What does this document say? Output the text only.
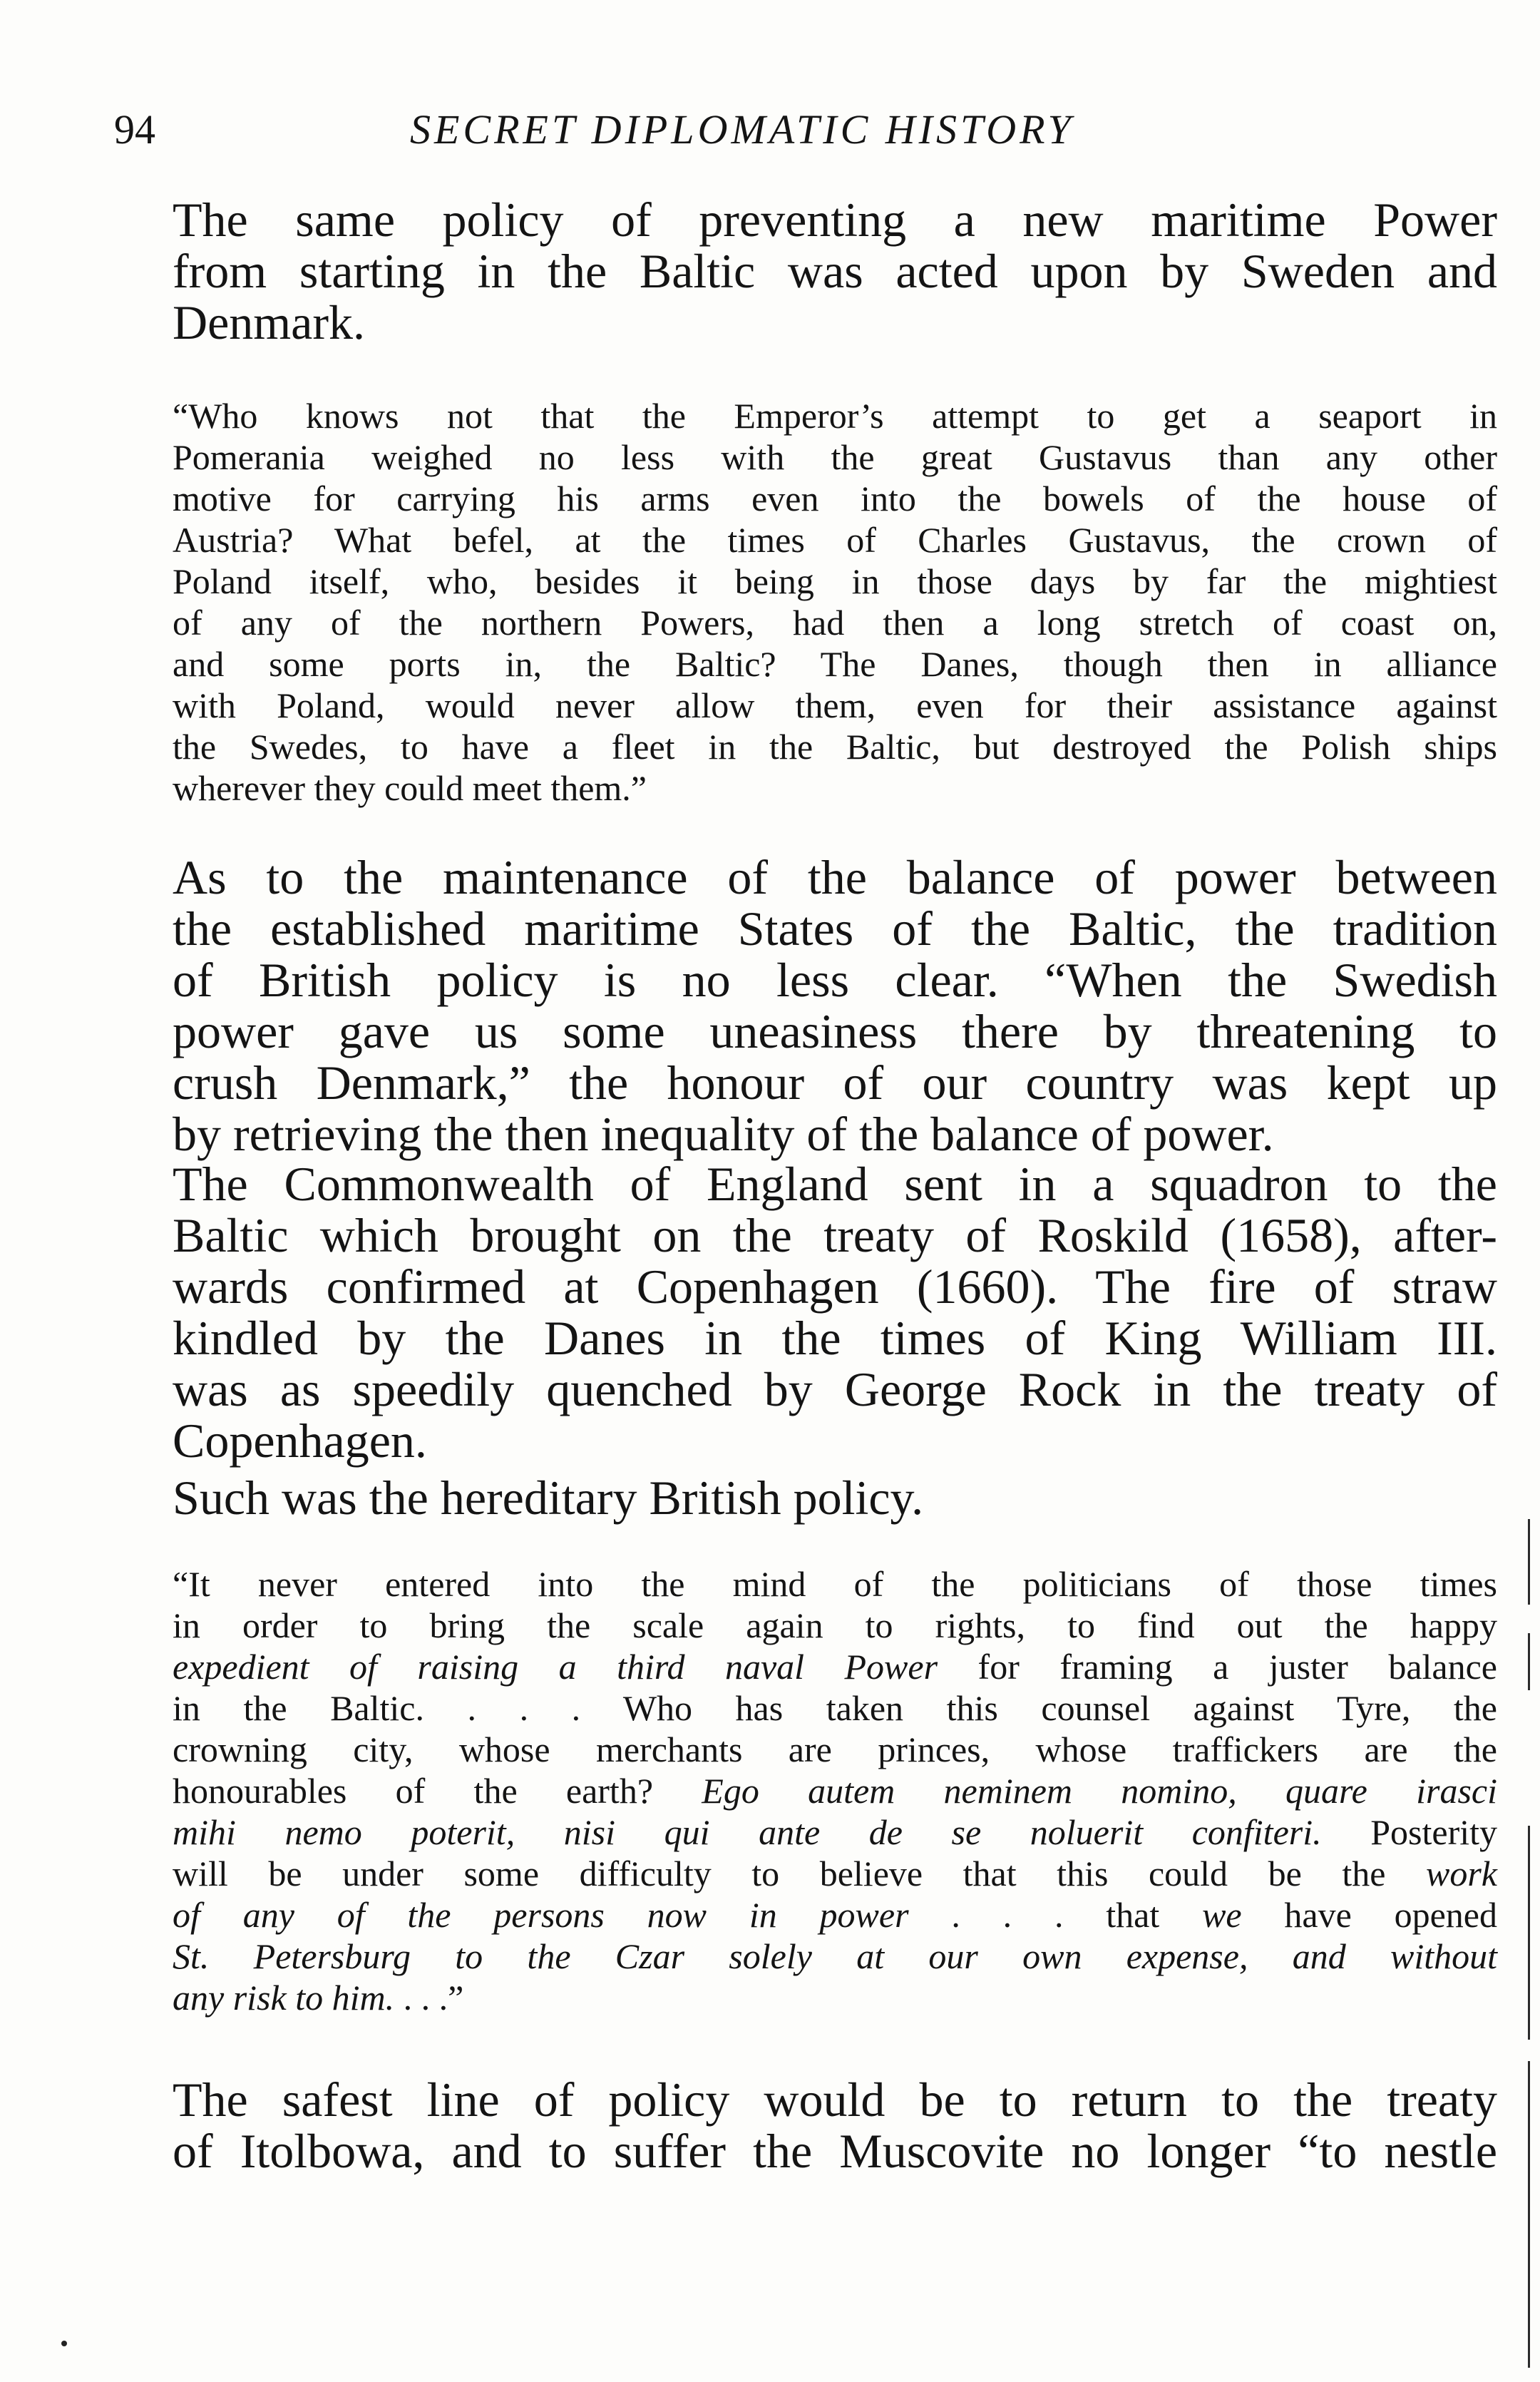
94	SECRET DIPLOMATIC HISTORY
The same policy of preventing a new maritime Power
from starting in the Baltic was acted upon by Sweden and
Denmark.
“Who knows not that the Emperor’s attempt to get a seaport in
Pomerania weighed no less with the great Gustavus than any other
motive for carrying his arms even into the bowels of the house of
Austria? What befel, at the times of Charles Gustavus, the crown of
Poland itself, who, besides it being in those days by far the mightiest
of any of the northern Powers, had then a long stretch of coast on,
and some ports in, the Baltic? The Danes, though then in alliance
with Poland, would never allow them, even for their assistance against
the Swedes, to have a fleet in the Baltic, but destroyed the Polish ships
wherever they could meet them.”
As to the maintenance of the balance of power between
the established maritime States of the Baltic, the tradition
of British policy is no less clear. “When the Swedish
power gave us some uneasiness there by threatening to
crush Denmark,” the honour of our country was kept up
by retrieving the then inequality of the balance of power.
The Commonwealth of England sent in a squadron to the
Baltic which brought on the treaty of Roskild (1658), after-
wards confirmed at Copenhagen (1660). The fire of straw
kindled by the Danes in the times of King William III.
was as speedily quenched by George Rock in the treaty of
Copenhagen.
Such was the hereditary British policy.
“It never entered into the mind of the politicians of those times
in order to bring the scale again to rights, to find out the happy
expedient of raising a third naval Power for framing a juster balance
in the Baltic. . . . Who has taken this counsel against Tyre, the
crowning city, whose merchants are princes, whose traffickers are the
honourables of the earth? Ego autem neminem nomino, quare irasci
mihi nemo poterit, nisi qui ante de se noluerit confiteri. Posterity
will be under some difficulty to believe that this could be the work
of any of the persons now in power . . . that we have opened
St. Petersburg to the Czar solely at our own expense, and without
any risk to him. . . .”
The safest line of policy would be to return to the treaty
of Itolbowa, and to suffer the Muscovite no longer “to nestle
